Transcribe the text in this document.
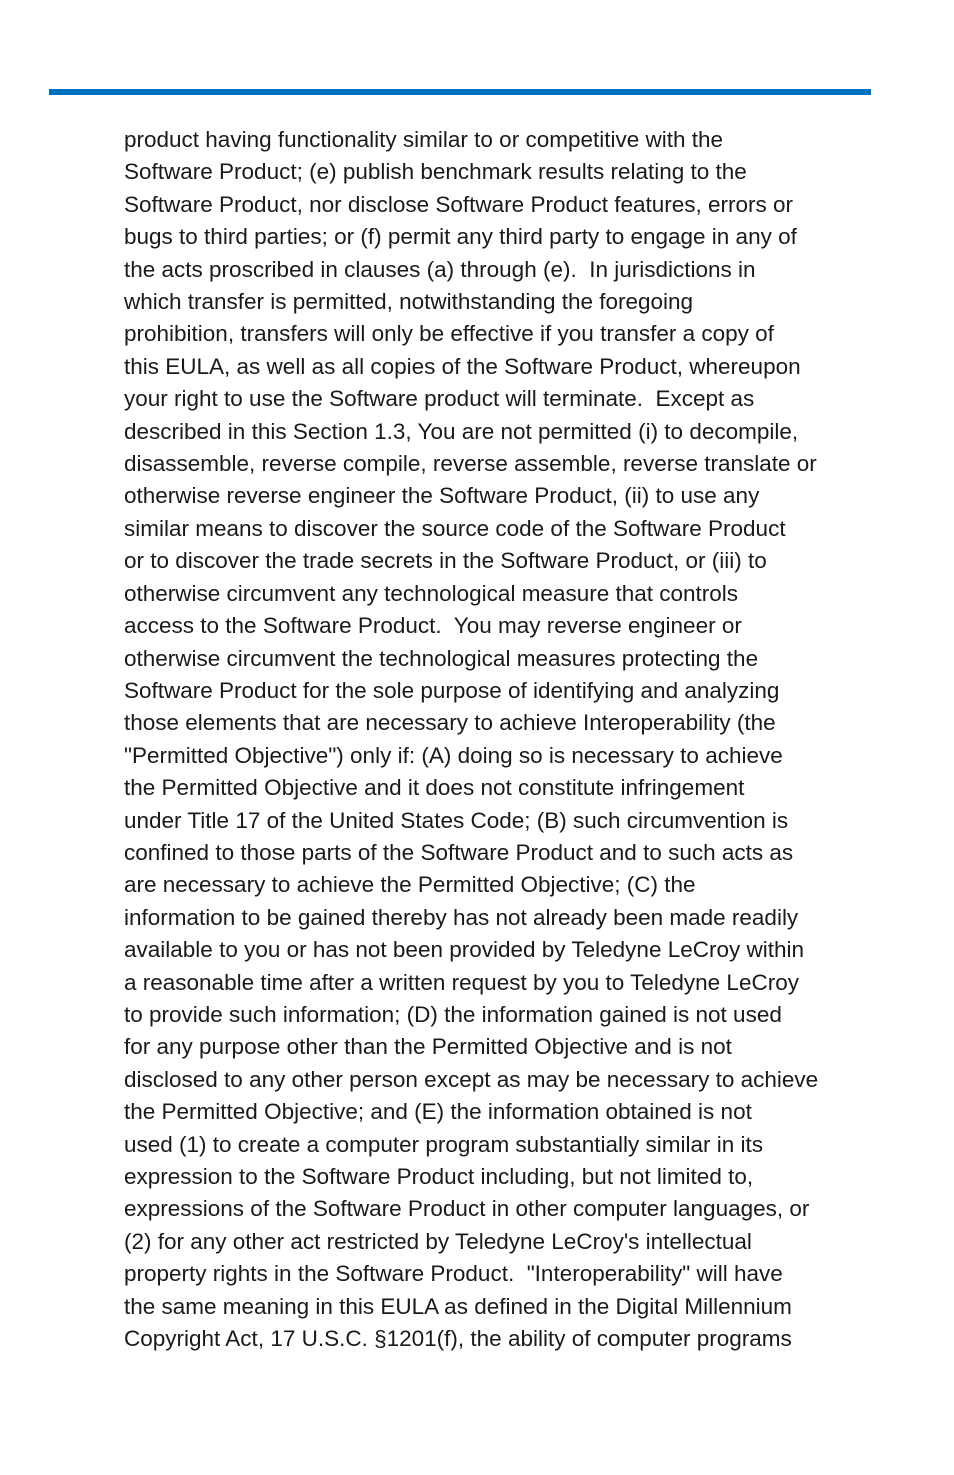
product having functionality similar to or competitive with the
Software Product; (e) publish benchmark results relating to the
Software Product, nor disclose Software Product features, errors or
bugs to third parties; or (f) permit any third party to engage in any of
the acts proscribed in clauses (a) through (e).  In jurisdictions in
which transfer is permitted, notwithstanding the foregoing
prohibition, transfers will only be effective if you transfer a copy of
this EULA, as well as all copies of the Software Product, whereupon
your right to use the Software product will terminate.  Except as
described in this Section 1.3, You are not permitted (i) to decompile,
disassemble, reverse compile, reverse assemble, reverse translate or
otherwise reverse engineer the Software Product, (ii) to use any
similar means to discover the source code of the Software Product
or to discover the trade secrets in the Software Product, or (iii) to
otherwise circumvent any technological measure that controls
access to the Software Product.  You may reverse engineer or
otherwise circumvent the technological measures protecting the
Software Product for the sole purpose of identifying and analyzing
those elements that are necessary to achieve Interoperability (the
"Permitted Objective") only if: (A) doing so is necessary to achieve
the Permitted Objective and it does not constitute infringement
under Title 17 of the United States Code; (B) such circumvention is
confined to those parts of the Software Product and to such acts as
are necessary to achieve the Permitted Objective; (C) the
information to be gained thereby has not already been made readily
available to you or has not been provided by Teledyne LeCroy within
a reasonable time after a written request by you to Teledyne LeCroy
to provide such information; (D) the information gained is not used
for any purpose other than the Permitted Objective and is not
disclosed to any other person except as may be necessary to achieve
the Permitted Objective; and (E) the information obtained is not
used (1) to create a computer program substantially similar in its
expression to the Software Product including, but not limited to,
expressions of the Software Product in other computer languages, or
(2) for any other act restricted by Teledyne LeCroy's intellectual
property rights in the Software Product.  "Interoperability" will have
the same meaning in this EULA as defined in the Digital Millennium
Copyright Act, 17 U.S.C. §1201(f), the ability of computer programs
